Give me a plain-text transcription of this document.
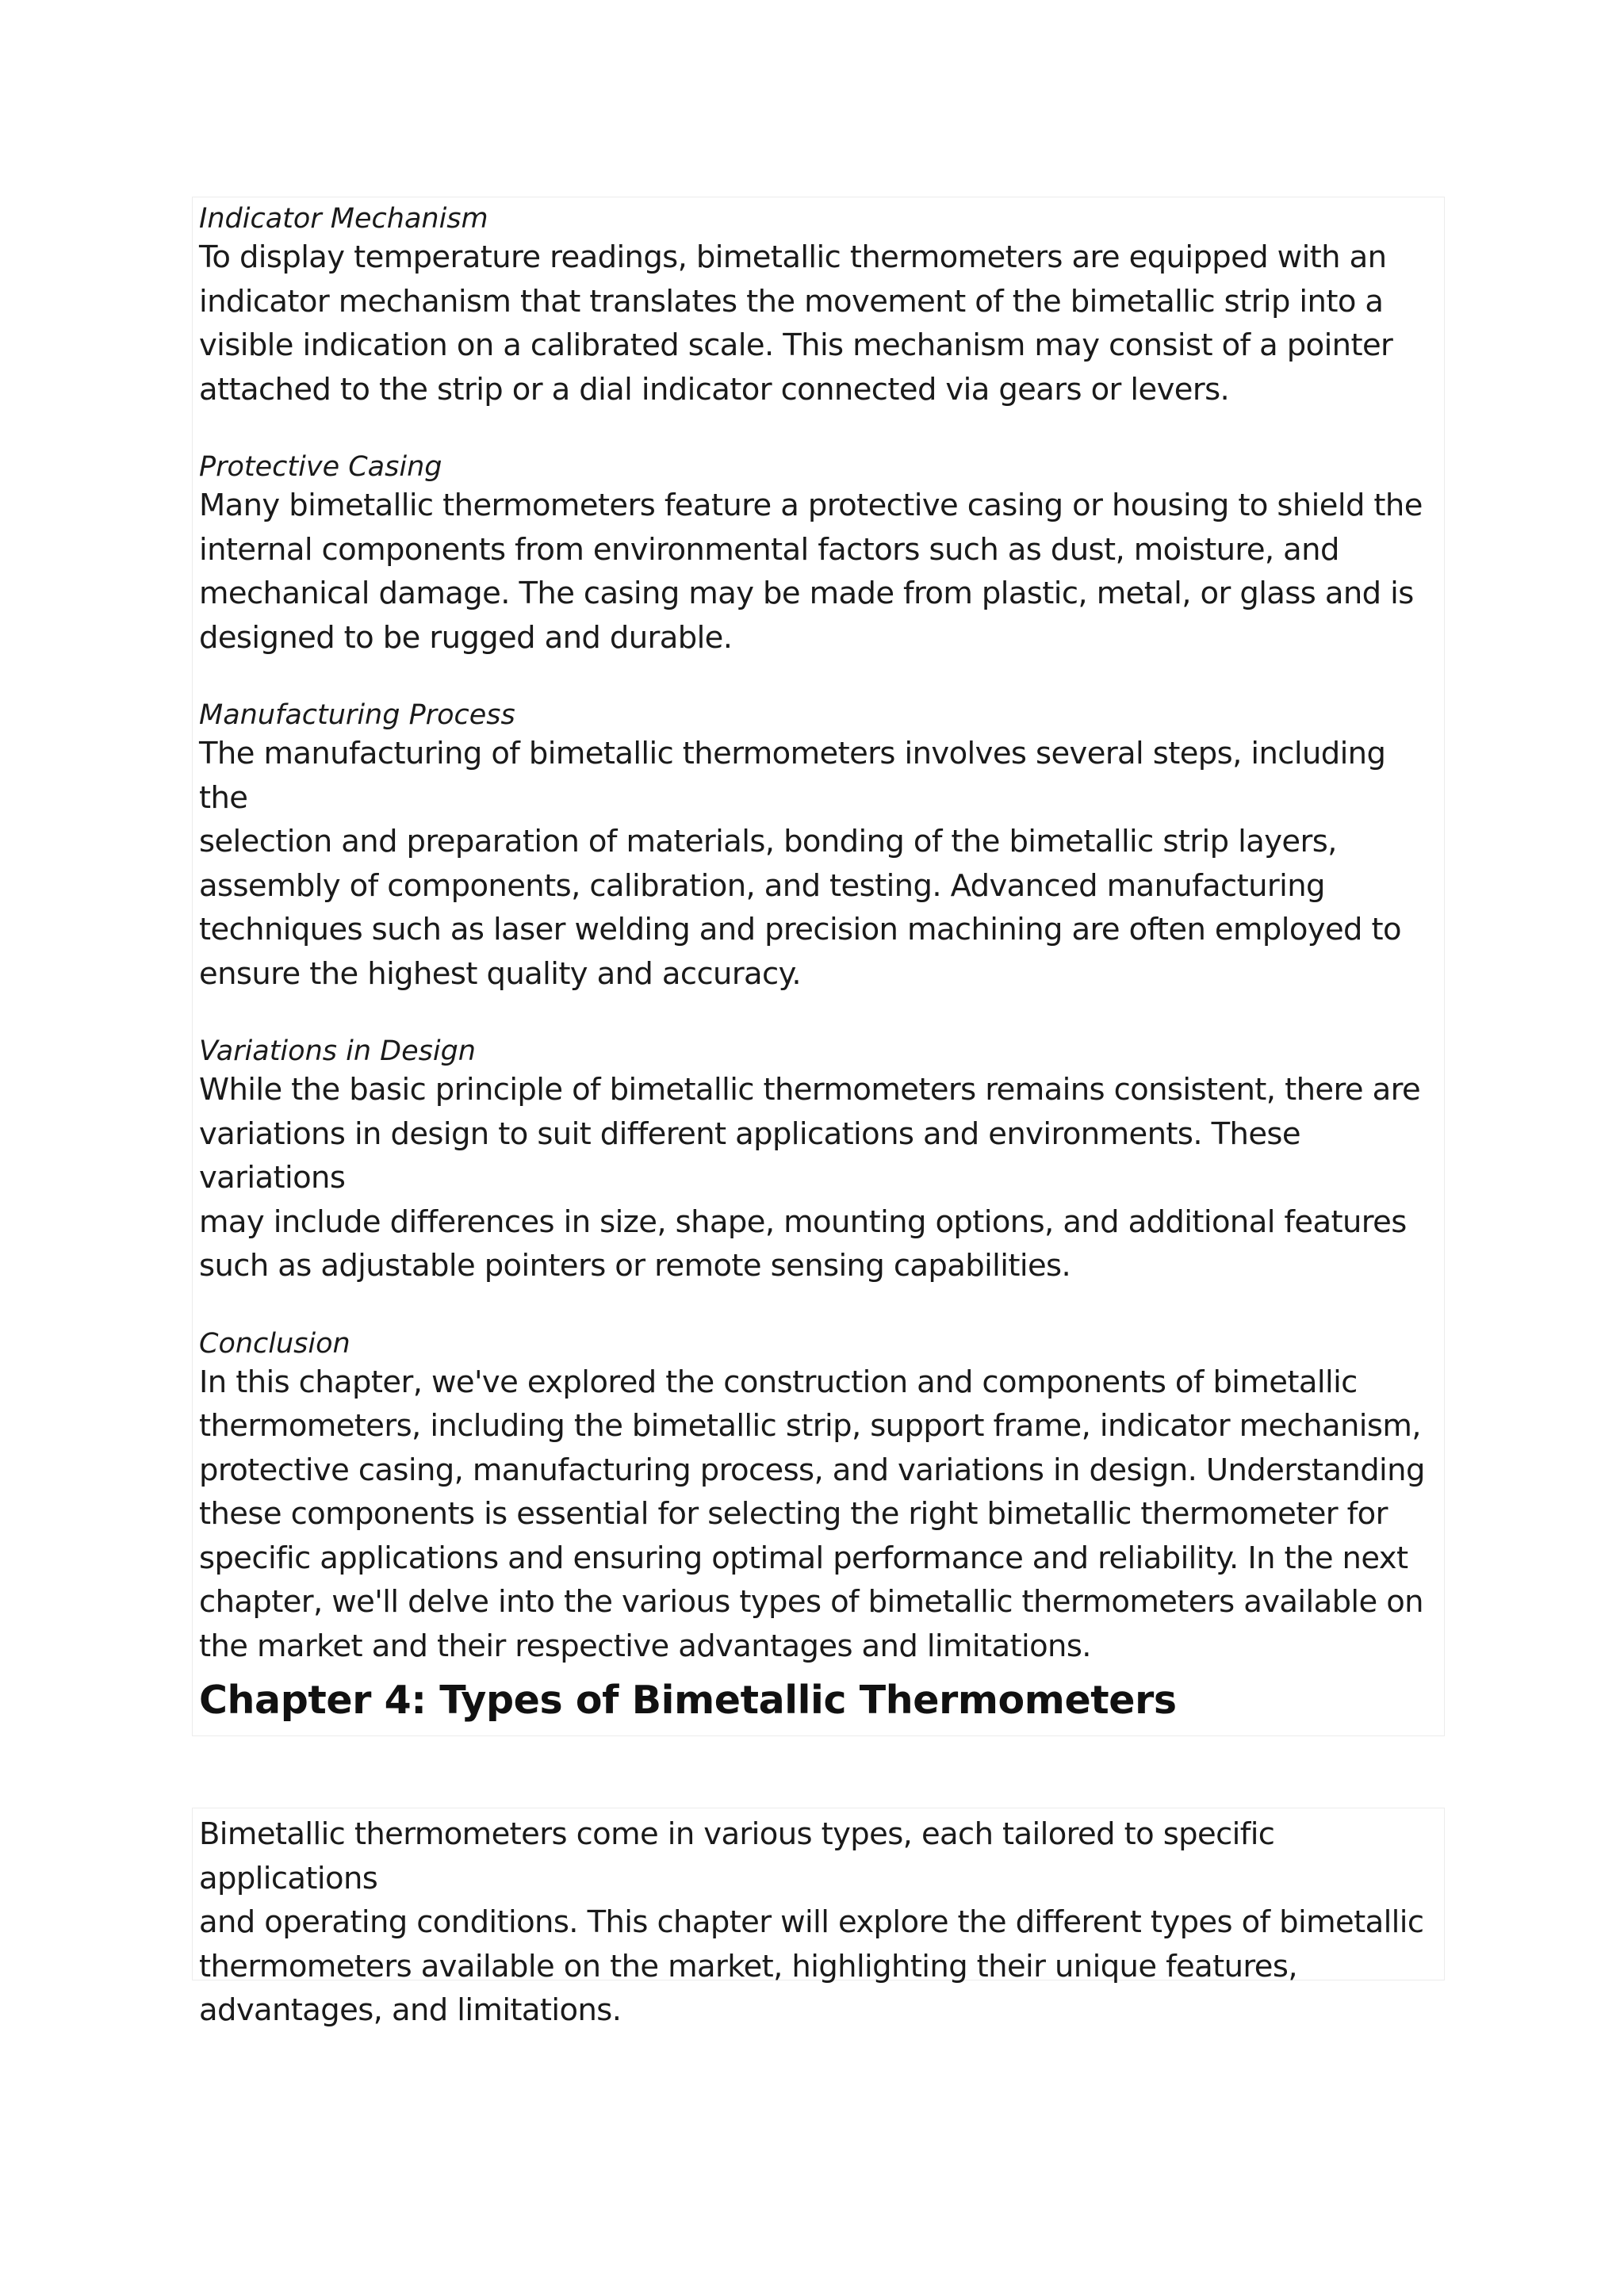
Indicator Mechanism

To display temperature readings, bimetallic thermometers are equipped with an
indicator mechanism that translates the movement of the bimetallic strip into a
visible indication on a calibrated scale. This mechanism may consist of a pointer
attached to the strip or a dial indicator connected via gears or levers.

Protective Casing

Many bimetallic thermometers feature a protective casing or housing to shield the
internal components from environmental factors such as dust, moisture, and
mechanical damage. The casing may be made from plastic, metal, or glass and is
designed to be rugged and durable.

Manufacturing Process

The manufacturing of bimetallic thermometers involves several steps, including the
selection and preparation of materials, bonding of the bimetallic strip layers,
assembly of components, calibration, and testing. Advanced manufacturing
techniques such as laser welding and precision machining are often employed to
ensure the highest quality and accuracy.

Variations in Design

While the basic principle of bimetallic thermometers remains consistent, there are
variations in design to suit different applications and environments. These variations
may include differences in size, shape, mounting options, and additional features
such as adjustable pointers or remote sensing capabilities.

Conclusion

In this chapter, we've explored the construction and components of bimetallic
thermometers, including the bimetallic strip, support frame, indicator mechanism,
protective casing, manufacturing process, and variations in design. Understanding
these components is essential for selecting the right bimetallic thermometer for
specific applications and ensuring optimal performance and reliability. In the next
chapter, we'll delve into the various types of bimetallic thermometers available on
the market and their respective advantages and limitations.

Chapter 4: Types of Bimetallic Thermometers

Bimetallic thermometers come in various types, each tailored to specific applications
and operating conditions. This chapter will explore the different types of bimetallic
thermometers available on the market, highlighting their unique features,
advantages, and limitations.
